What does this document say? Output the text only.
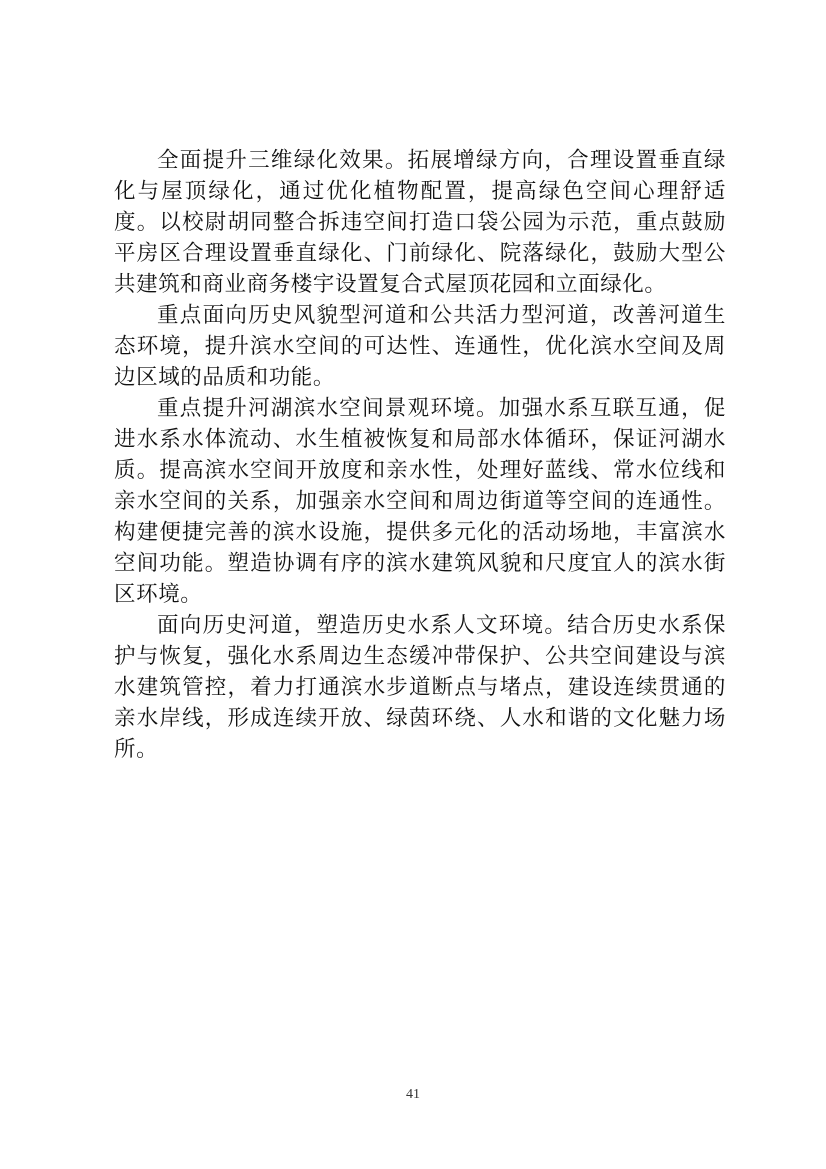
全面提升三维绿化效果。拓展增绿方向，合理设置垂直绿化与屋顶绿化，通过优化植物配置，提高绿色空间心理舒适度。以校尉胡同整合拆违空间打造口袋公园为示范，重点鼓励平房区合理设置垂直绿化、门前绿化、院落绿化，鼓励大型公共建筑和商业商务楼宇设置复合式屋顶花园和立面绿化。

重点面向历史风貌型河道和公共活力型河道，改善河道生态环境，提升滨水空间的可达性、连通性，优化滨水空间及周边区域的品质和功能。

重点提升河湖滨水空间景观环境。加强水系互联互通，促进水系水体流动、水生植被恢复和局部水体循环，保证河湖水质。提高滨水空间开放度和亲水性，处理好蓝线、常水位线和亲水空间的关系，加强亲水空间和周边街道等空间的连通性。构建便捷完善的滨水设施，提供多元化的活动场地，丰富滨水空间功能。塑造协调有序的滨水建筑风貌和尺度宜人的滨水街区环境。

面向历史河道，塑造历史水系人文环境。结合历史水系保护与恢复，强化水系周边生态缓冲带保护、公共空间建设与滨水建筑管控，着力打通滨水步道断点与堵点，建设连续贯通的亲水岸线，形成连续开放、绿茵环绕、人水和谐的文化魅力场所。

41
